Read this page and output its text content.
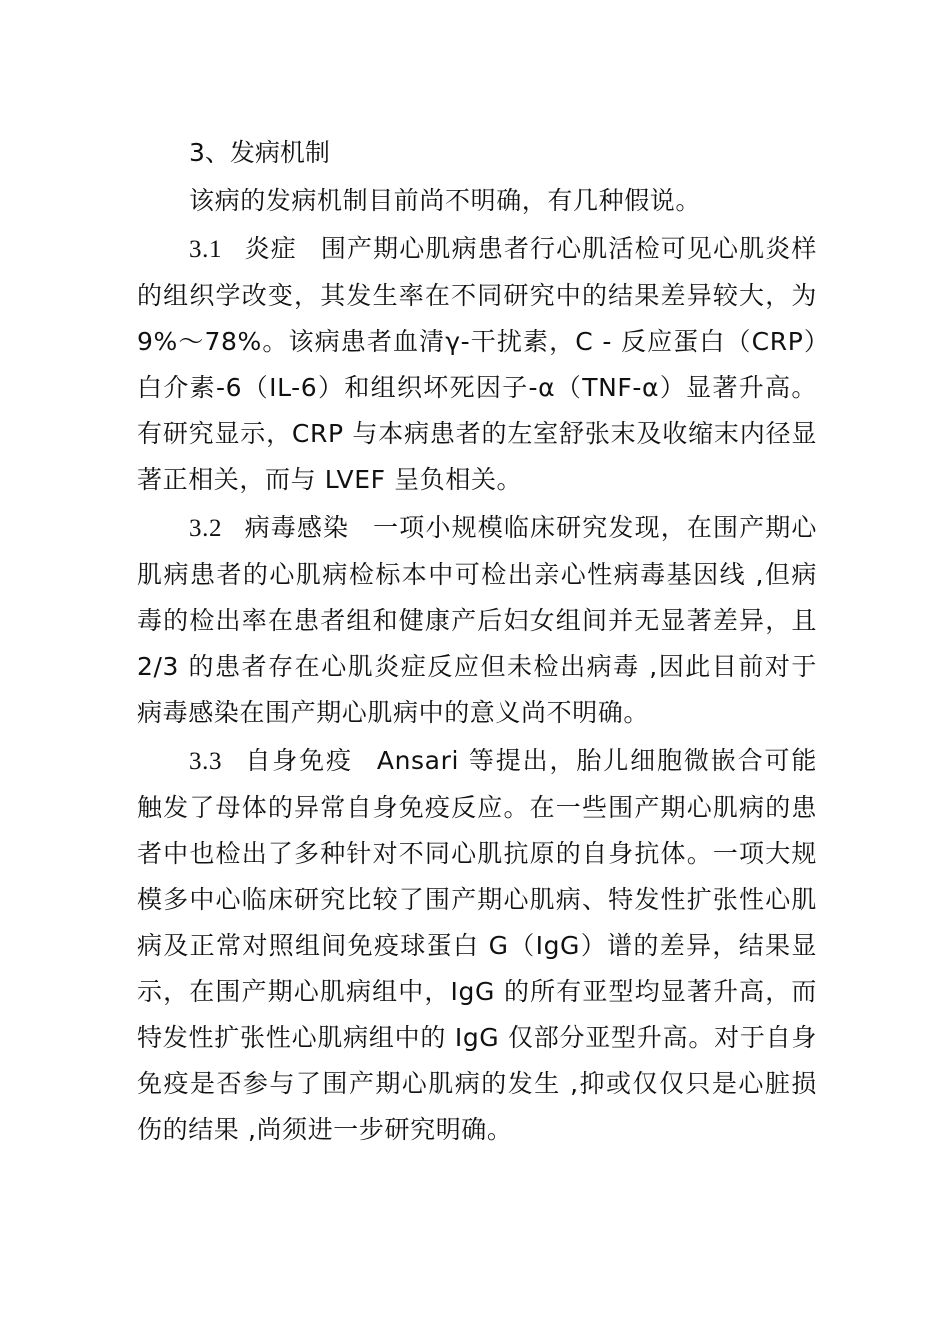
3、发病机制

该病的发病机制目前尚不明确，有几种假说。

3.1 炎症 围产期心肌病患者行心肌活检可见心肌炎样的组织学改变，其发生率在不同研究中的结果差异较大，为9%～78%。该病患者血清γ-干扰素，C - 反应蛋白（CRP）白介素-6（IL-6）和组织坏死因子-α（TNF-α）显著升高。有研究显示，CRP 与本病患者的左室舒张末及收缩末内径显著正相关，而与 LVEF 呈负相关。

3.2 病毒感染 一项小规模临床研究发现，在围产期心肌病患者的心肌病检标本中可检出亲心性病毒基因线 ,但病毒的检出率在患者组和健康产后妇女组间并无显著差异，且 2/3 的患者存在心肌炎症反应但未检出病毒 ,因此目前对于病毒感染在围产期心肌病中的意义尚不明确。

3.3 自身免疫 Ansari 等提出，胎儿细胞微嵌合可能触发了母体的异常自身免疫反应。在一些围产期心肌病的患者中也检出了多种针对不同心肌抗原的自身抗体。一项大规模多中心临床研究比较了围产期心肌病、特发性扩张性心肌病及正常对照组间免疫球蛋白 G（IgG）谱的差异，结果显示，在围产期心肌病组中，IgG 的所有亚型均显著升高，而特发性扩张性心肌病组中的 IgG 仅部分亚型升高。对于自身免疫是否参与了围产期心肌病的发生 ,抑或仅仅只是心脏损伤的结果 ,尚须进一步研究明确。
